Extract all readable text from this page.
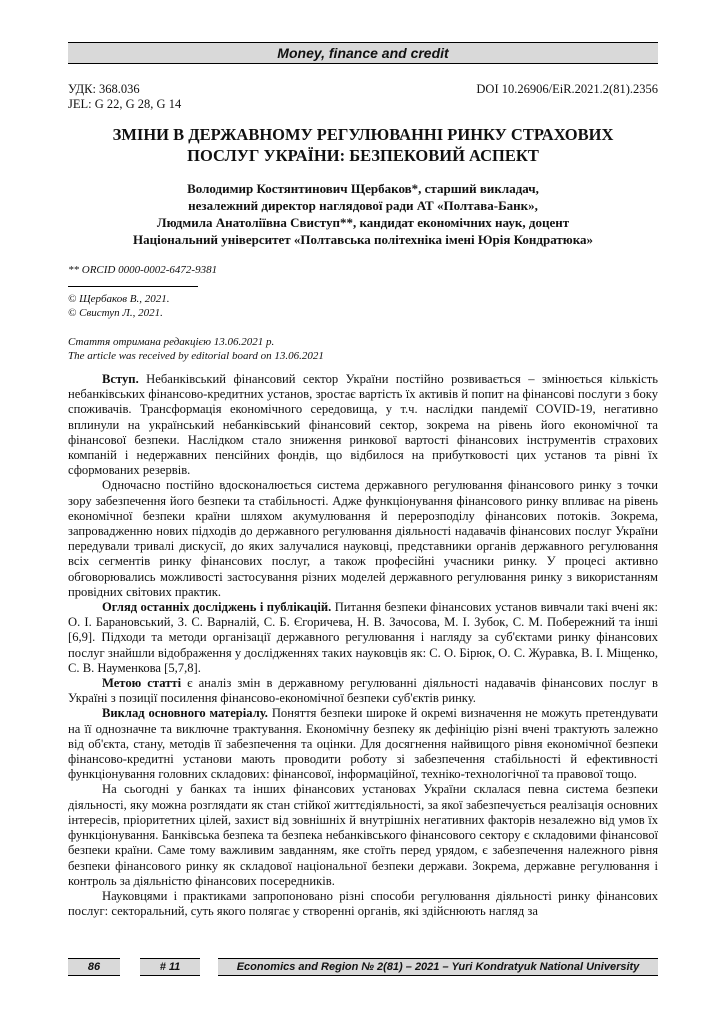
Money, finance and credit
УДК: 368.036
JEL: G 22, G 28, G 14
DOI 10.26906/EiR.2021.2(81).2356
ЗМІНИ В ДЕРЖАВНОМУ РЕГУЛЮВАННІ РИНКУ СТРАХОВИХ
ПОСЛУГ УКРАЇНИ: БЕЗПЕКОВИЙ АСПЕКТ
Володимир Костянтинович Щербаков*, старший викладач,
незалежний директор наглядової ради АТ «Полтава-Банк»,
Людмила Анатоліївна Свиступ**, кандидат економічних наук, доцент
Національний університет «Полтавська політехніка імені Юрія Кондратюка»
** ORCID 0000-0002-6472-9381
© Щербаков В., 2021.
© Свиступ Л., 2021.
Стаття отримана редакцією 13.06.2021 р.
The article was received by editorial board on 13.06.2021

Вступ. Небанківський фінансовий сектор України постійно розвивається – змінюється кількість небанківських фінансово-кредитних установ, зростає вартість їх активів й попит на фінансові послуги з боку споживачів. Трансформація економічного середовища, у т.ч. наслідки пандемії COVID-19, негативно вплинули на український небанківський фінансовий сектор, зокрема на рівень його економічної та фінансової безпеки. Наслідком стало зниження ринкової вартості фінансових інструментів страхових компаній і недержавних пенсійних фондів, що відбилося на прибутковості цих установ та рівні їх сформованих резервів.

Одночасно постійно вдосконалюється система державного регулювання фінансового ринку з точки зору забезпечення його безпеки та стабільності. Адже функціонування фінансового ринку впливає на рівень економічної безпеки країни шляхом акумулювання й перерозподілу фінансових потоків. Зокрема, запровадженню нових підходів до державного регулювання діяльності надавачів фінансових послуг України передували тривалі дискусії, до яких залучалися науковці, представники органів державного регулювання всіх сегментів ринку фінансових послуг, а також професійні учасники ринку. У процесі активно обговорювались можливості застосування різних моделей державного регулювання ринку з використанням провідних світових практик.

Огляд останніх досліджень і публікацій. Питання безпеки фінансових установ вивчали такі вчені як: О. І. Барановський, З. С. Варналій, С. Б. Єгоричева, Н. В. Зачосова, М. І. Зубок, С. М. Побережний та інші [6,9]. Підходи та методи організації державного регулювання і нагляду за суб'єктами ринку фінансових послуг знайшли відображення у дослідженнях таких науковців як: С. О. Бірюк, О. С. Журавка, В. І. Міщенко, С. В. Науменкова [5,7,8].

Метою статті є аналіз змін в державному регулюванні діяльності надавачів фінансових послуг в Україні з позиції посилення фінансово-економічної безпеки суб'єктів ринку.

Виклад основного матеріалу. Поняття безпеки широке й окремі визначення не можуть претендувати на її однозначне та виключне трактування. Економічну безпеку як дефініцію різні вчені трактують залежно від об'єкта, стану, методів її забезпечення та оцінки. Для досягнення найвищого рівня економічної безпеки фінансово-кредитні установи мають проводити роботу зі забезпечення стабільності й ефективності функціонування головних складових: фінансової, інформаційної, техніко-технологічної та правової тощо.

На сьогодні у банках та інших фінансових установах України склалася певна система безпеки діяльності, яку можна розглядати як стан стійкої життєдіяльності, за якої забезпечується реалізація основних інтересів, пріоритетних цілей, захист від зовнішніх й внутрішніх негативних факторів незалежно від умов їх функціонування. Банківська безпека та безпека небанківського фінансового сектору є складовими фінансової безпеки країни. Саме тому важливим завданням, яке стоїть перед урядом, є забезпечення належного рівня безпеки фінансового ринку як складової національної безпеки держави. Зокрема, державне регулювання і контроль за діяльністю фінансових посередників.

Науковцями і практиками запропоновано різні способи регулювання діяльності ринку фінансових послуг: секторальний, суть якого полягає у створенні органів, які здійснюють нагляд за

86	# 11	Economics and Region № 2(81) – 2021 – Yuri Kondratyuk National University
